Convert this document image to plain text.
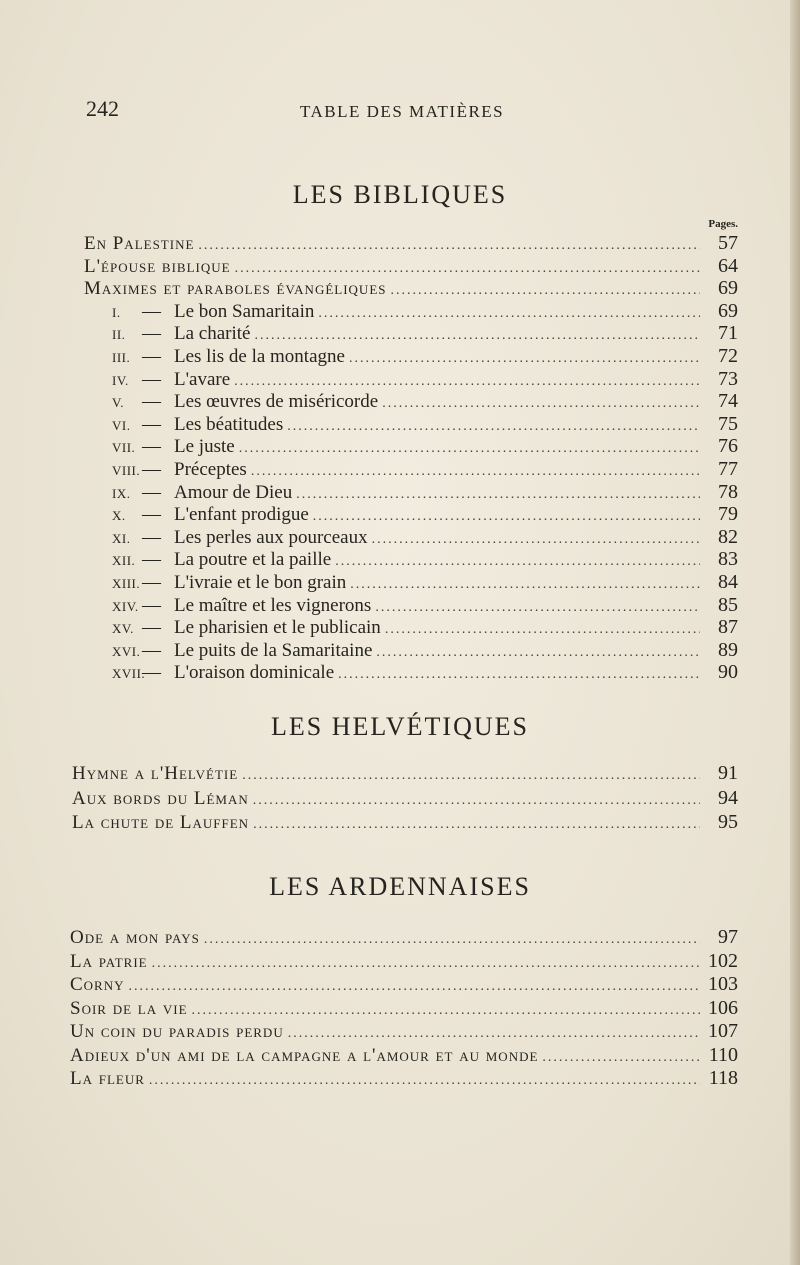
242	TABLE DES MATIÈRES
LES BIBLIQUES
Pages.
En Palestine .....	57
L'épouse biblique .....	64
Maximes et paraboles évangéliques .....	69
I. — Le bon Samaritain .....	69
II. — La charité .....	71
III. — Les lis de la montagne .....	72
IV. — L'avare .....	73
V. — Les œuvres de miséricorde .....	74
VI. — Les béatitudes .....	75
VII. — Le juste .....	76
VIII.— Préceptes .....	77
IX. — Amour de Dieu .....	78
X. — L'enfant prodigue .....	79
XI. — Les perles aux pourceaux .....	82
XII. — La poutre et la paille .....	83
XIII.— L'ivraie et le bon grain .....	84
XIV. — Le maître et les vignerons .....	85
XV. — Le pharisien et le publicain .....	87
XVI.— Le puits de la Samaritaine .....	89
XVII.— L'oraison dominicale .....	90
LES HELVÉTIQUES
Hymne a l'Helvétie .....	91
Aux bords du Léman .....	94
La chute de Lauffen .....	95
LES ARDENNAISES
Ode a mon pays .....	97
La patrie .....	102
Corny .....	103
Soir de la vie .....	106
Un coin du paradis perdu .....	107
Adieux d'un ami de la campagne a l'amour et au monde .....	110
La fleur .....	118
